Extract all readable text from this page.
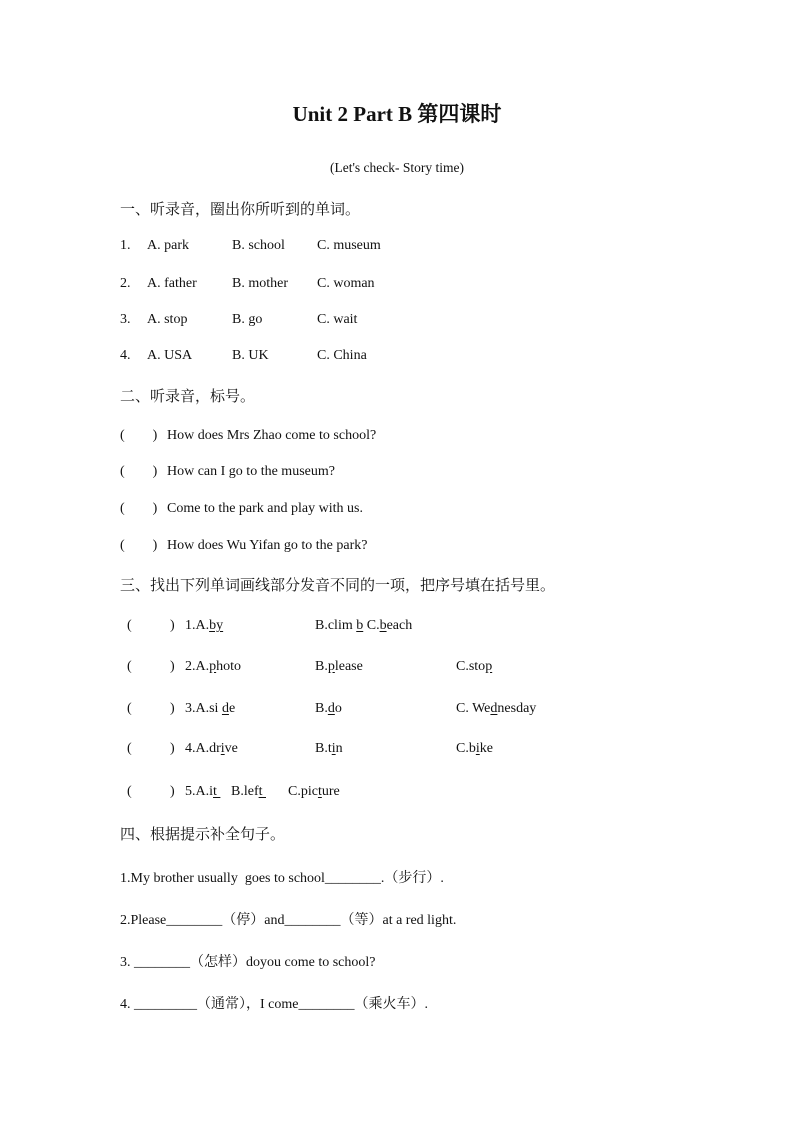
Unit 2 Part B 第四课时
(Let's check- Story time)
一、听录音，圈出你所听到的单词。
1. A. park	B. school C. museum
2. A. father	B. mother C. woman
3. A. stop	B. go	C. wait
4. A. USA	B. UK	C. China
二、听录音，标号。
(        ) How does Mrs Zhao come to school?
(        ) How can I go to the museum?
(        ) Come to the park and play with us.
(        ) How does Wu Yifan go to the park?
三、找出下列单词画线部分发音不同的一项，把序号填在括号里。
(	) 1.A.by	B.clim b C.beach
(	) 2.A.photo	B.please	C.stop
(	) 3.A.si de	B.do	C. Wednesday
(	) 4.A.drive	B.tin	C.bike
(	) 5.A.it B.left C.picture
四、根据提示补全句子。
1.My brother usually  goes to school________.（步行）.
2.Please________（停）and________（等）at a red light.
3. ________（怎样）doyou come to school?
4. _________（通常），I come________（乘火车）.
